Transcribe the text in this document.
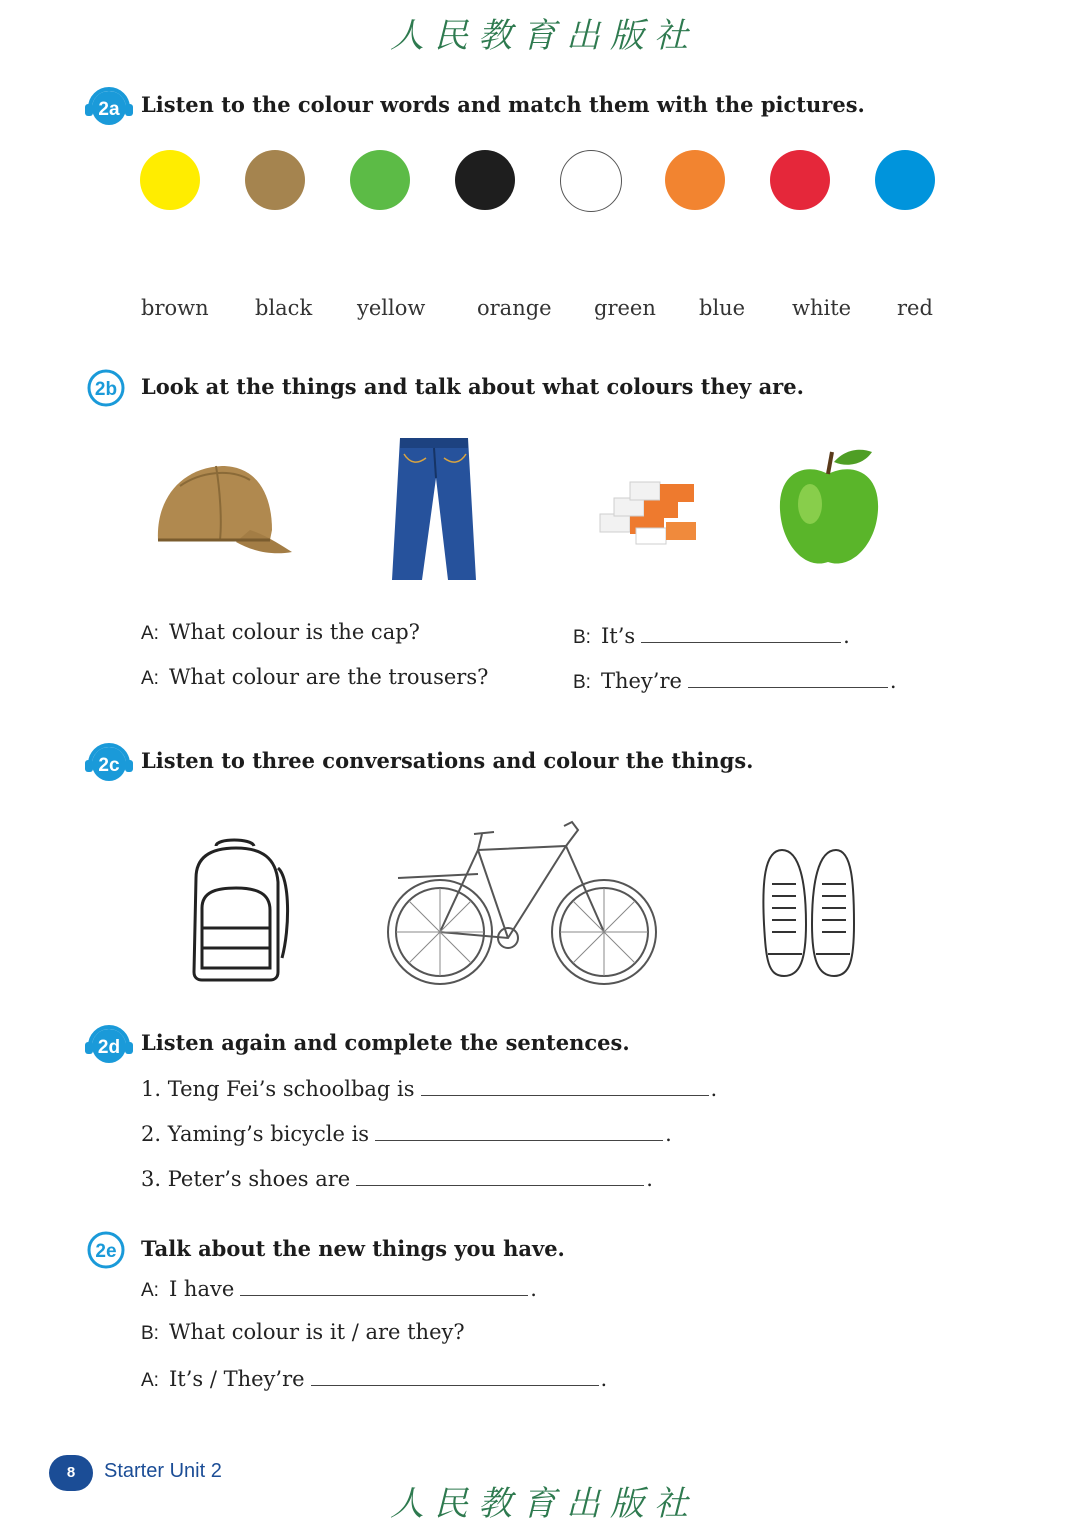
人民教育出版社
2a Listen to the colour words and match them with the pictures.
brown black yellow orange green blue white red
2b Look at the things and talk about what colours they are.
A: What colour is the cap?	B: It’s	.
A: What colour are the trousers?	B: They’re	.
2c Listen to three conversations and colour the things.
2d Listen again and complete the sentences.
1. Teng Fei’s schoolbag is	.
2. Yaming’s bicycle is	.
3. Peter’s shoes are	.
2e Talk about the new things you have.
A: I have	.
B: What colour is it / are they?
A: It’s / They’re	.
8	Starter Unit 2
人民教育出版社
